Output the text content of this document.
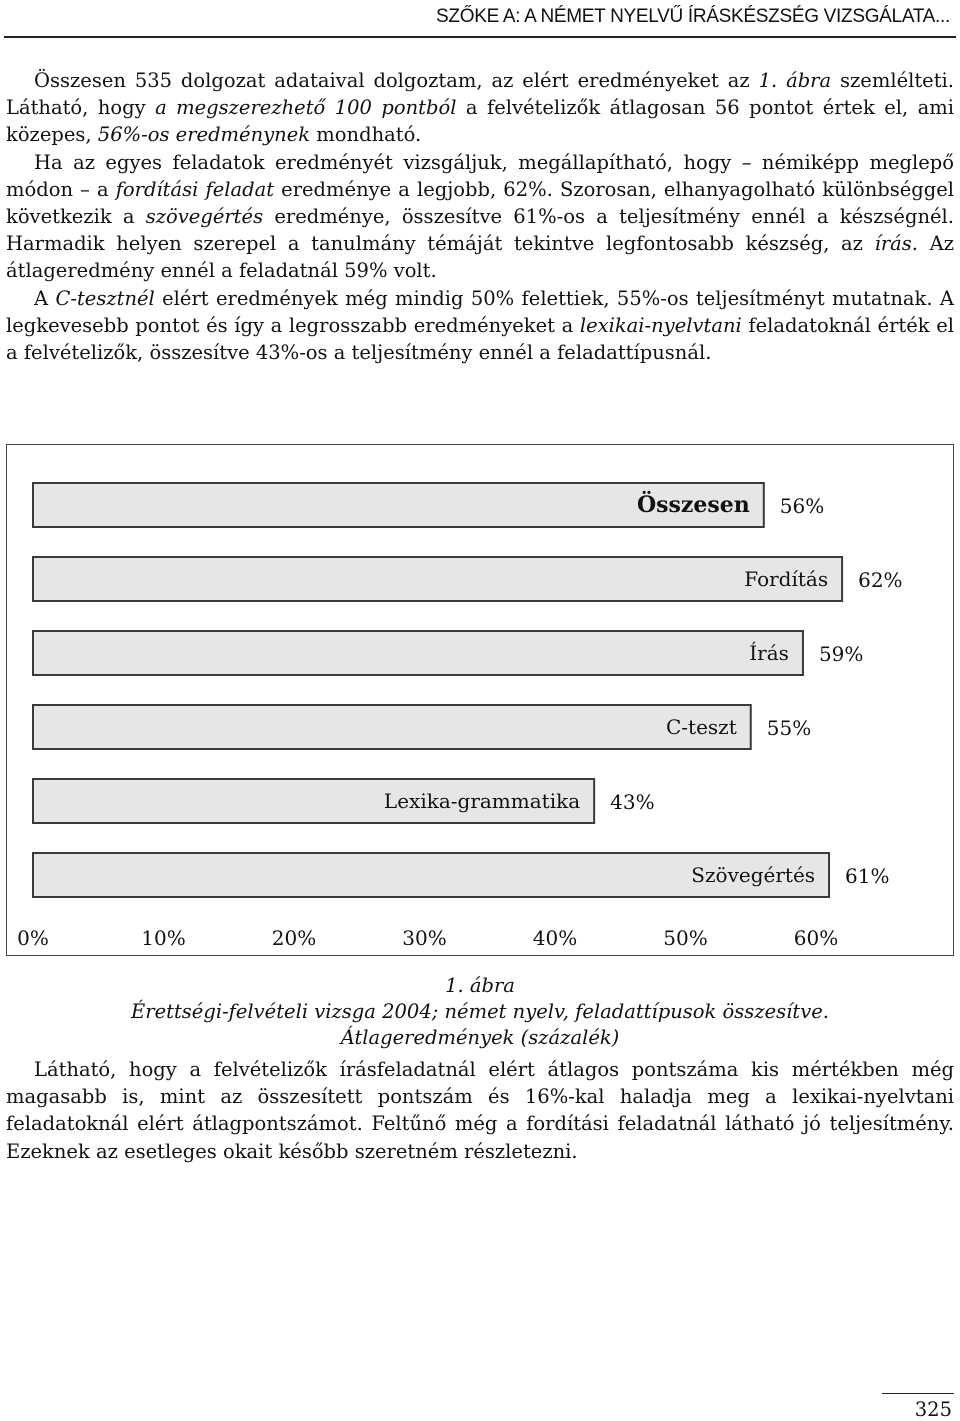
SZŐKE A: A NÉMET NYELVŰ ÍRÁSKÉSZSÉG VIZSGÁLATA...

Összesen 535 dolgozat adataival dolgoztam, az elért eredményeket az 1. ábra szemlélteti. Látható, hogy a megszerezhető 100 pontból a felvételizők átlagosan 56 pontot értek el, ami közepes, 56%-os eredménynek mondható.

Ha az egyes feladatok eredményét vizsgáljuk, megállapítható, hogy – némiképp meglepő módon – a fordítási feladat eredménye a legjobb, 62%. Szorosan, elhanyagolható különbséggel következik a szövegértés eredménye, összesítve 61%-os a teljesítmény ennél a készségnél. Harmadik helyen szerepel a tanulmány témáját tekintve legfontosabb készség, az írás. Az átlageredmény ennél a feladatnál 59% volt.

A C-tesztnél elért eredmények még mindig 50% felettiek, 55%-os teljesítményt mutatnak. A legkevesebb pontot és így a legrosszabb eredményeket a lexikai-nyelvtani feladatoknál érték el a felvételizők, összesítve 43%-os a teljesítmény ennél a feladattípusnál.

Összesen 56%
Fordítás 62%
Írás 59%
C-teszt 55%
Lexika-grammatika 43%
Szövegértés 61%
0%	10%	20%	30%	40%	50%	60%
1. ábra
Érettségi-felvételi vizsga 2004; német nyelv, feladattípusok összesítve.
Átlageredmények (százalék)

Látható, hogy a felvételizők írásfeladatnál elért átlagos pontszáma kis mértékben még magasabb is, mint az összesített pontszám és 16%-kal haladja meg a lexikai-nyelvtani feladatoknál elért átlagpontszámot. Feltűnő még a fordítási feladatnál látható jó teljesítmény. Ezeknek az esetleges okait később szeretném részletezni.

325
